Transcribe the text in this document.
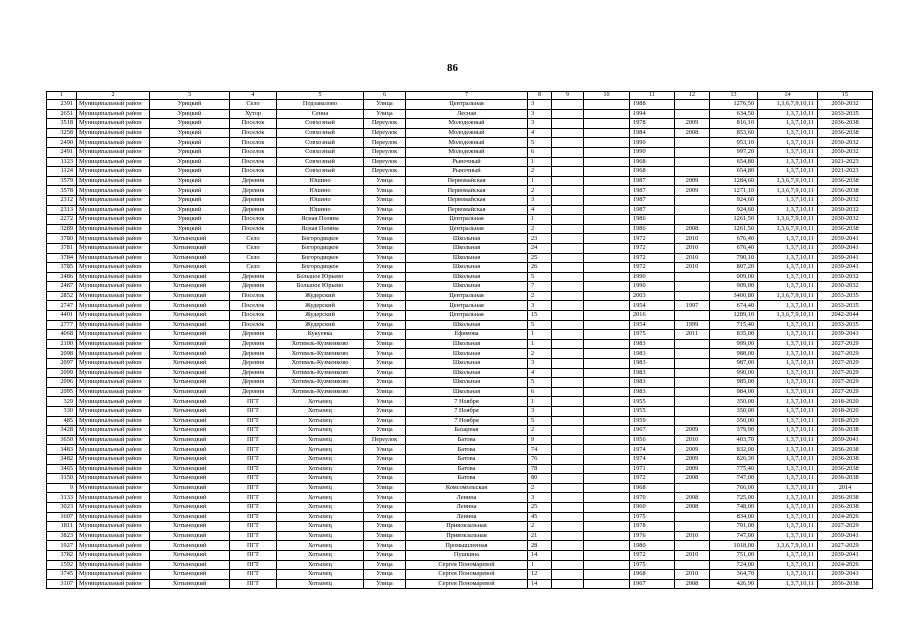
86
1	2	3	4	5	6	7	8	9	10	11	12	13	14	15
2391	Муниципальный район	Урицкий	Село	Подзавалово	Улица	Центральная	3			1988		1276,50	1,3,6,7,9,10,11	2030-2032
2651	Муниципальный район	Урицкий	Хутор	Сенна	Улица	Лесная	3			1994		634,50	1,3,7,10,11	2033-2035
3518	Муниципальный район	Урицкий	Поселок	Совхозный	Переулок	Молодежный	3			1978	2009	816,10	1,3,7,10,11	2036-2038
3258	Муниципальный район	Урицкий	Поселок	Совхозный	Переулок	Молодежный	4			1984	2008	853,60	1,3,7,10,11	2036-2038
2490	Муниципальный район	Урицкий	Поселок	Совхозный	Переулок	Молодежный	5			1990		953,10	1,3,7,10,11	2030-2032
2491	Муниципальный район	Урицкий	Поселок	Совхозный	Переулок	Молодежный	6			1990		997,20	1,3,7,10,11	2030-2032
1123	Муниципальный район	Урицкий	Поселок	Совхозный	Переулок	Рыночный	1			1968		654,80	1,3,7,10,11	2021-2023
1124	Муниципальный район	Урицкий	Поселок	Совхозный	Переулок	Рыночный	2			1968		654,80	1,3,7,10,11	2021-2023
3579	Муниципальный район	Урицкий	Деревня	Юшино	Улица	Первомайская	1			1987	2009	1284,60	1,3,6,7,9,10,11	2036-2038
3578	Муниципальный район	Урицкий	Деревня	Юшино	Улица	Первомайская	2			1987	2009	1271,10	1,3,6,7,9,10,11	2036-2038
2312	Муниципальный район	Урицкий	Деревня	Юшино	Улица	Первомайская	3			1987		924,60	1,3,7,10,11	2030-2032
2313	Муниципальный район	Урицкий	Деревня	Юшино	Улица	Первомайская	4			1987		924,60	1,3,7,10,11	2030-2032
2272	Муниципальный район	Урицкий	Поселок	Ясная Поляна	Улица	Центральная	1			1986		1261,50	1,3,6,7,9,10,11	2030-2032
3289	Муниципальный район	Урицкий	Поселок	Ясная Поляна	Улица	Центральная	2			1986	2008	1261,50	1,3,6,7,9,10,11	2036-2038
3780	Муниципальный район	Хотынецкий	Село	Богородицкое	Улица	Школьная	23			1972	2010	676,40	1,3,7,10,11	2039-2041
3781	Муниципальный район	Хотынецкий	Село	Богородицкое	Улица	Школьная	24			1972	2010	676,40	1,3,7,10,11	2039-2041
3784	Муниципальный район	Хотынецкий	Село	Богородицкое	Улица	Школьная	25			1972	2010	790,10	1,3,7,10,11	2039-2041
3785	Муниципальный район	Хотынецкий	Село	Богородицкое	Улица	Школьная	26			1972	2010	807,20	1,3,7,10,11	2039-2041
2486	Муниципальный район	Хотынецкий	Деревня	Большое Юрьево	Улица	Школьная	5			1990		909,00	1,3,7,10,11	2030-2032
2487	Муниципальный район	Хотынецкий	Деревня	Большое Юрьево	Улица	Школьная	7			1990		909,00	1,3,7,10,11	2030-2032
2852	Муниципальный район	Хотынецкий	Поселок	Жудерский	Улица	Центральная	2			2003		3400,80	1,3,6,7,9,10,11	2033-2035
2747	Муниципальный район	Хотынецкий	Поселок	Жудерский	Улица	Центральная	3			1954	1997	674,40	1,3,7,10,11	2033-2035
4401	Муниципальный район	Хотынецкий	Поселок	Жудерский	Улица	Центральная	15			2016		1289,10	1,3,6,7,9,10,11	2042-2044
2777	Муниципальный район	Хотынецкий	Поселок	Жудерский	Улица	Школьная	5			1954	1999	715,40	1,3,7,10,11	2033-2035
4068	Муниципальный район	Хотынецкий	Деревня	Кукуевка	Улица	Ефимова	1			1975	2011	835,00	1,3,7,10,11	2039-2041
2100	Муниципальный район	Хотынецкий	Деревня	Хотимль-Кузменково	Улица	Школьная	1			1983		999,00	1,3,7,10,11	2027-2029
2098	Муниципальный район	Хотынецкий	Деревня	Хотимль-Кузменково	Улица	Школьная	2			1983		988,00	1,3,7,10,11	2027-2029
2097	Муниципальный район	Хотынецкий	Деревня	Хотимль-Кузменково	Улица	Школьная	3			1983		987,00	1,3,7,10,11	2027-2029
2099	Муниципальный район	Хотынецкий	Деревня	Хотимль-Кузменково	Улица	Школьная	4			1983		990,00	1,3,7,10,11	2027-2029
2096	Муниципальный район	Хотынецкий	Деревня	Хотимль-Кузменково	Улица	Школьная	5			1983		985,00	1,3,7,10,11	2027-2029
2095	Муниципальный район	Хотынецкий	Деревня	Хотимль-Кузменково	Улица	Школьная	6			1983		984,00	1,3,7,10,11	2027-2029
329	Муниципальный район	Хотынецкий	ПГТ	Хотынец	Улица	7 Ноября	1			1955		350,00	1,3,7,10,11	2018-2020
330	Муниципальный район	Хотынецкий	ПГТ	Хотынец	Улица	7 Ноября	3			1955		350,00	1,3,7,10,11	2018-2020
485	Муниципальный район	Хотынецкий	ПГТ	Хотынец	Улица	7 Ноября	5			1959		350,00	1,3,7,10,11	2018-2020
3428	Муниципальный район	Хотынецкий	ПГТ	Хотынец	Улица	Базарная	2			1967	2009	379,90	1,3,7,10,11	2036-2038
3650	Муниципальный район	Хотынецкий	ПГТ	Хотынец	Переулок	Батова	9			1956	2010	403,70	1,3,7,10,11	2039-2041
3483	Муниципальный район	Хотынецкий	ПГТ	Хотынец	Улица	Батова	74			1974	2009	832,00	1,3,7,10,11	2036-2038
3482	Муниципальный район	Хотынецкий	ПГТ	Хотынец	Улица	Батова	76			1974	2009	826,30	1,3,7,10,11	2036-2038
3465	Муниципальный район	Хотынецкий	ПГТ	Хотынец	Улица	Батова	78			1971	2009	775,40	1,3,7,10,11	2036-2038
3150	Муниципальный район	Хотынецкий	ПГТ	Хотынец	Улица	Батова	80			1972	2008	747,00	1,3,7,10,11	2036-2038
9	Муниципальный район	Хотынецкий	ПГТ	Хотынец	Улица	Комсомольская	2			1968		766,00	1,3,7,10,11	2014
3133	Муниципальный район	Хотынецкий	ПГТ	Хотынец	Улица	Ленина	3			1970	2008	725,00	1,3,7,10,11	2036-2038
3023	Муниципальный район	Хотынецкий	ПГТ	Хотынец	Улица	Ленина	25			1960	2008	748,00	1,3,7,10,11	2036-2038
1607	Муниципальный район	Хотынецкий	ПГТ	Хотынец	Улица	Ленина	45			1975		834,00	1,3,7,10,11	2024-2026
1811	Муниципальный район	Хотынецкий	ПГТ	Хотынец	Улица	Привокзальная	2			1978		701,00	1,3,7,10,11	2027-2029
3823	Муниципальный район	Хотынецкий	ПГТ	Хотынец	Улица	Привокзальная	21			1976	2010	747,00	1,3,7,10,11	2039-2041
1927	Муниципальный район	Хотынецкий	ПГТ	Хотынец	Улица	Промышленная	28			1980		1018,00	1,3,6,7,9,10,11	2027-2029
3782	Муниципальный район	Хотынецкий	ПГТ	Хотынец	Улица	Пушкина	14			1972	2010	751,00	1,3,7,10,11	2039-2041
1592	Муниципальный район	Хотынецкий	ПГТ	Хотынец	Улица	Сергея Пономаревой	1			1975		724,00	1,3,7,10,11	2024-2026
3745	Муниципальный район	Хотынецкий	ПГТ	Хотынец	Улица	Сергея Пономаревой	12			1968	2010	364,70	1,3,7,10,11	2039-2041
3107	Муниципальный район	Хотынецкий	ПГТ	Хотынец	Улица	Сергея Пономаревой	14			1967	2008	426,90	1,3,7,10,11	2036-2038
